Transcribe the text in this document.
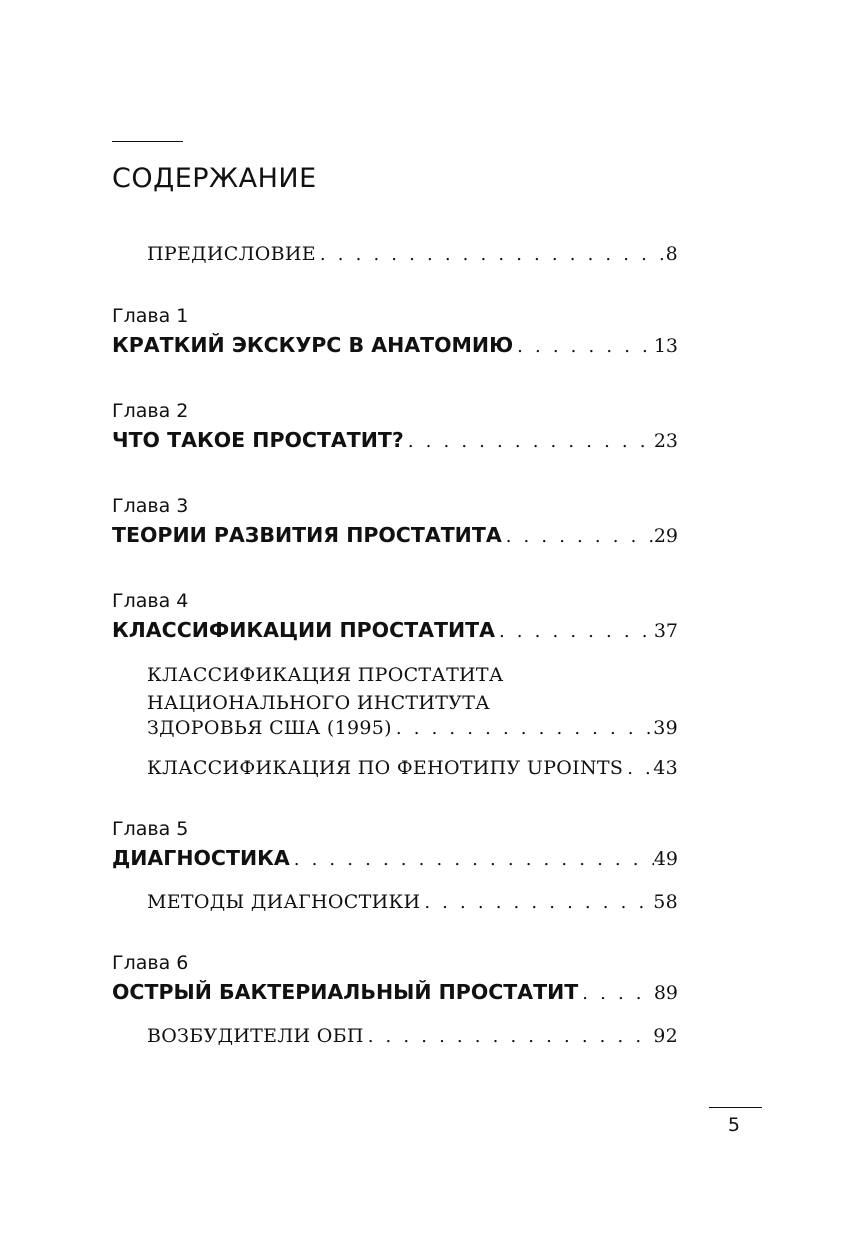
СОДЕРЖАНИЕ
ПРЕДИСЛОВИЕ . . .	8
Глава 1
КРАТКИЙ ЭКСКУРС В АНАТОМИЮ . . .	13
Глава 2
ЧТО ТАКОЕ ПРОСТАТИТ? . . .	23
Глава 3
ТЕОРИИ РАЗВИТИЯ ПРОСТАТИТА . . .	29
Глава 4
КЛАССИФИКАЦИИ ПРОСТАТИТА . . .	37
КЛАССИФИКАЦИЯ ПРОСТАТИТА
НАЦИОНАЛЬНОГО ИНСТИТУТА
ЗДОРОВЬЯ США (1995) . . .	39
КЛАССИФИКАЦИЯ ПО ФЕНОТИПУ UPOINTS . . . 43
Глава 5
ДИАГНОСТИКА . . .	49
МЕТОДЫ ДИАГНОСТИКИ . . .	58
Глава 6
ОСТРЫЙ БАКТЕРИАЛЬНЫЙ ПРОСТАТИТ . . .	89
ВОЗБУДИТЕЛИ ОБП . . .	92
5
